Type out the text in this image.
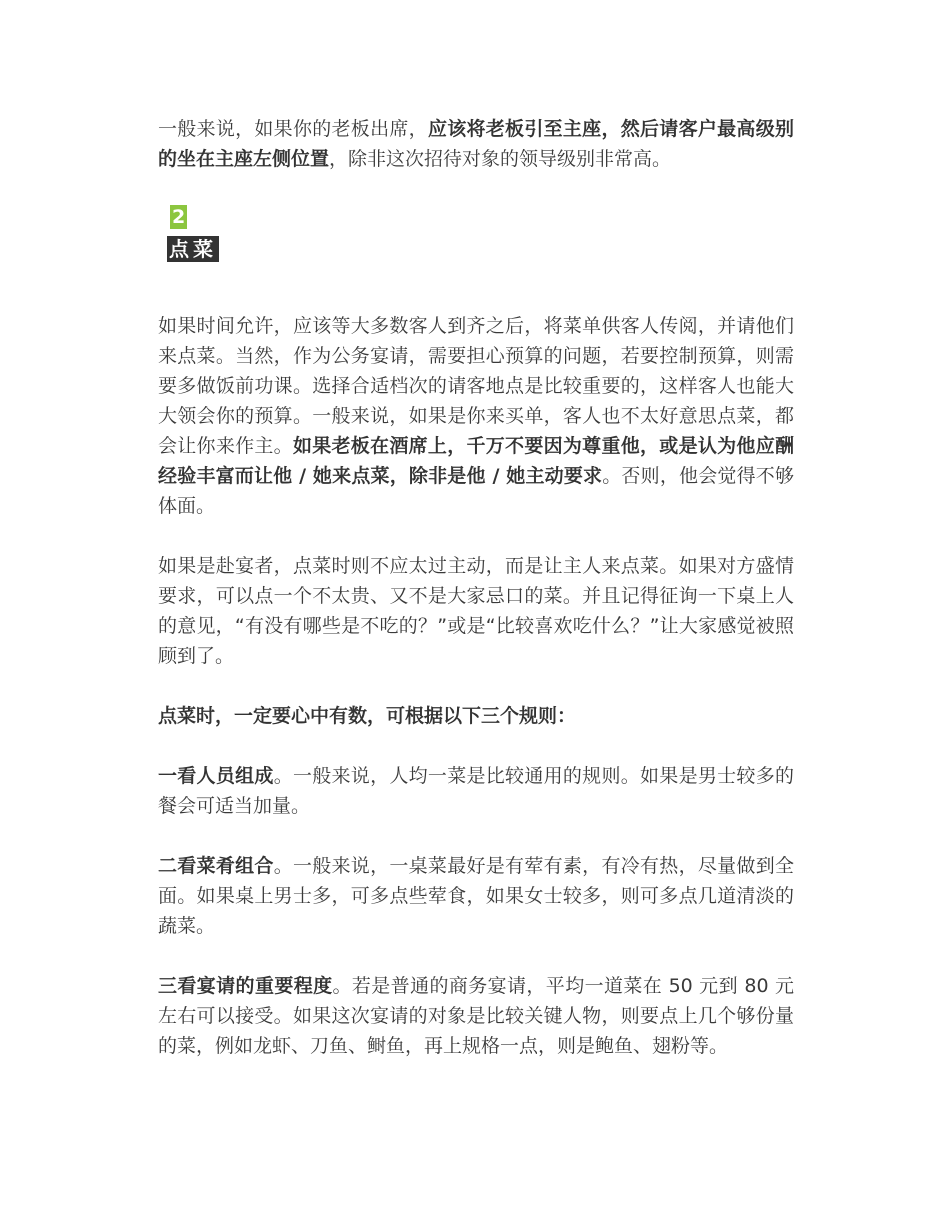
一般来说，如果你的老板出席，应该将老板引至主座，然后请客户最高级别的坐在主座左侧位置，除非这次招待对象的领导级别非常高。

2
点菜

如果时间允许，应该等大多数客人到齐之后，将菜单供客人传阅，并请他们来点菜。当然，作为公务宴请，需要担心预算的问题，若要控制预算，则需要多做饭前功课。选择合适档次的请客地点是比较重要的，这样客人也能大大领会你的预算。一般来说，如果是你来买单，客人也不太好意思点菜，都会让你来作主。如果老板在酒席上，千万不要因为尊重他，或是认为他应酬经验丰富而让他 / 她来点菜，除非是他 / 她主动要求。否则，他会觉得不够体面。

如果是赴宴者，点菜时则不应太过主动，而是让主人来点菜。如果对方盛情要求，可以点一个不太贵、又不是大家忌口的菜。并且记得征询一下桌上人的意见，“有没有哪些是不吃的？”或是“比较喜欢吃什么？”让大家感觉被照顾到了。

点菜时，一定要心中有数，可根据以下三个规则：

一看人员组成。一般来说，人均一菜是比较通用的规则。如果是男士较多的餐会可适当加量。

二看菜肴组合。一般来说，一桌菜最好是有荤有素，有冷有热，尽量做到全面。如果桌上男士多，可多点些荤食，如果女士较多，则可多点几道清淡的蔬菜。

三看宴请的重要程度。若是普通的商务宴请，平均一道菜在 50 元到 80 元左右可以接受。如果这次宴请的对象是比较关键人物，则要点上几个够份量的菜，例如龙虾、刀鱼、鲥鱼，再上规格一点，则是鲍鱼、翅粉等。
